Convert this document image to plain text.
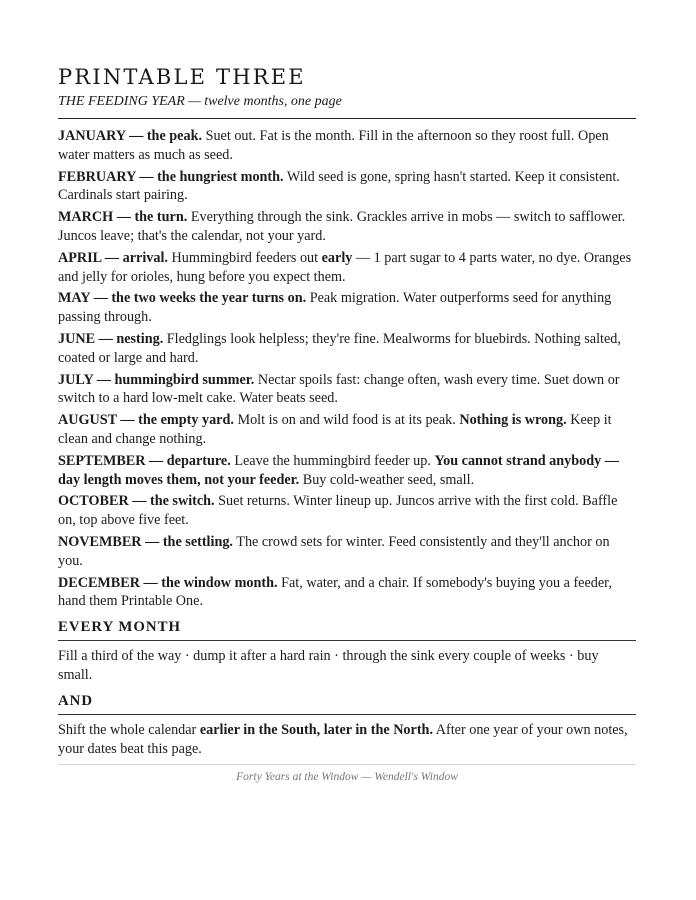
PRINTABLE THREE

THE FEEDING YEAR — twelve months, one page

JANUARY — the peak. Suet out. Fat is the month. Fill in the afternoon so they roost full. Open water matters as much as seed.

FEBRUARY — the hungriest month. Wild seed is gone, spring hasn't started. Keep it consistent. Cardinals start pairing.

MARCH — the turn. Everything through the sink. Grackles arrive in mobs — switch to safflower. Juncos leave; that's the calendar, not your yard.

APRIL — arrival. Hummingbird feeders out early — 1 part sugar to 4 parts water, no dye. Oranges and jelly for orioles, hung before you expect them.

MAY — the two weeks the year turns on. Peak migration. Water outperforms seed for anything passing through.

JUNE — nesting. Fledglings look helpless; they're fine. Mealworms for bluebirds. Nothing salted, coated or large and hard.

JULY — hummingbird summer. Nectar spoils fast: change often, wash every time. Suet down or switch to a hard low-melt cake. Water beats seed.

AUGUST — the empty yard. Molt is on and wild food is at its peak. Nothing is wrong. Keep it clean and change nothing.

SEPTEMBER — departure. Leave the hummingbird feeder up. You cannot strand anybody — day length moves them, not your feeder. Buy cold-weather seed, small.

OCTOBER — the switch. Suet returns. Winter lineup up. Juncos arrive with the first cold. Baffle on, top above five feet.

NOVEMBER — the settling. The crowd sets for winter. Feed consistently and they'll anchor on you.

DECEMBER — the window month. Fat, water, and a chair. If somebody's buying you a feeder, hand them Printable One.

EVERY MONTH

Fill a third of the way · dump it after a hard rain · through the sink every couple of weeks · buy small.

AND

Shift the whole calendar earlier in the South, later in the North. After one year of your own notes, your dates beat this page.

Forty Years at the Window — Wendell's Window
